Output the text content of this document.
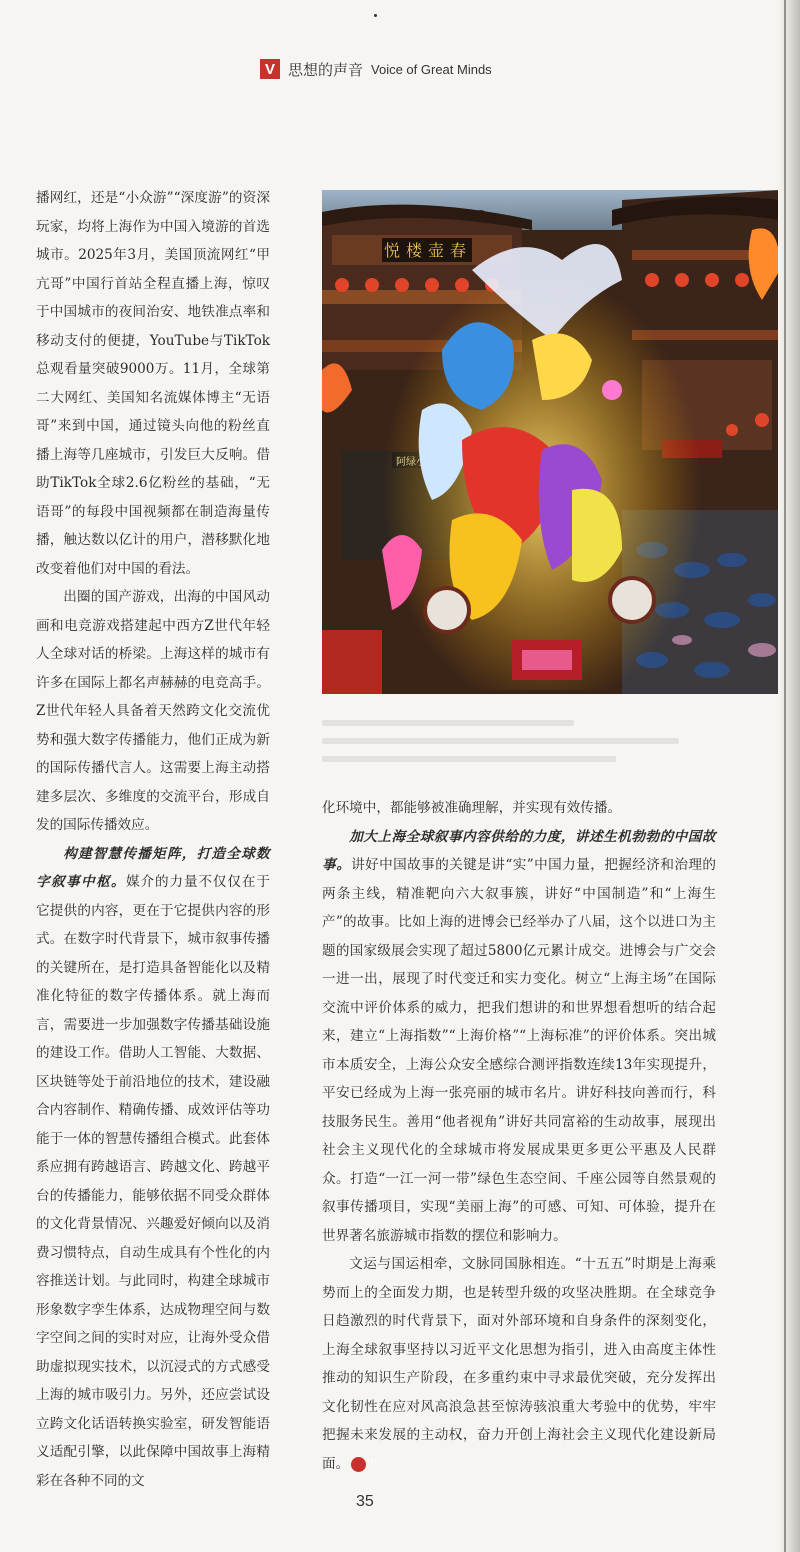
V 思想的声音 Voice of Great Minds

播网红，还是“小众游”“深度游”的资深玩家，均将上海作为中国入境游的首选城市。2025年3月，美国顶流网红“甲亢哥”中国行首站全程直播上海，惊叹于中国城市的夜间治安、地铁准点率和移动支付的便捷，YouTube与TikTok总观看量突破9000万。11月，全球第二大网红、美国知名流媒体博主“无语哥”来到中国，通过镜头向他的粉丝直播上海等几座城市，引发巨大反响。借助TikTok全球2.6亿粉丝的基础，“无语哥”的每段中国视频都在制造海量传播，触达数以亿计的用户，潜移默化地改变着他们对中国的看法。

出圈的国产游戏，出海的中国风动画和电竞游戏搭建起中西方Z世代年轻人全球对话的桥梁。上海这样的城市有许多在国际上都名声赫赫的电竞高手。Z世代年轻人具备着天然跨文化交流优势和强大数字传播能力，他们正成为新的国际传播代言人。这需要上海主动搭建多层次、多维度的交流平台，形成自发的国际传播效应。

构建智慧传播矩阵，打造全球数字叙事中枢。媒介的力量不仅仅在于它提供的内容，更在于它提供内容的形式。在数字时代背景下，城市叙事传播的关键所在，是打造具备智能化以及精准化特征的数字传播体系。就上海而言，需要进一步加强数字传播基础设施的建设工作。借助人工智能、大数据、区块链等处于前沿地位的技术，建设融合内容制作、精确传播、成效评估等功能于一体的智慧传播组合模式。此套体系应拥有跨越语言、跨越文化、跨越平台的传播能力，能够依据不同受众群体的文化背景情况、兴趣爱好倾向以及消费习惯特点，自动生成具有个性化的内容推送计划。与此同时，构建全球城市形象数字孪生体系，达成物理空间与数字空间之间的实时对应，让海外受众借助虚拟现实技术，以沉浸式的方式感受上海的城市吸引力。另外，还应尝试设立跨文化话语转换实验室，研发智能语义适配引擎，以此保障中国故事上海精彩在各种不同的文

化环境中，都能够被准确理解，并实现有效传播。

加大上海全球叙事内容供给的力度，讲述生机勃勃的中国故事。讲好中国故事的关键是讲“实”中国力量，把握经济和治理的两条主线，精准靶向六大叙事簇，讲好“中国制造”和“上海生产”的故事。比如上海的进博会已经举办了八届，这个以进口为主题的国家级展会实现了超过5800亿元累计成交。进博会与广交会一进一出，展现了时代变迁和实力变化。树立“上海主场”在国际交流中评价体系的威力，把我们想讲的和世界想看想听的结合起来，建立“上海指数”“上海价格”“上海标准”的评价体系。突出城市本质安全，上海公众安全感综合测评指数连续13年实现提升，平安已经成为上海一张亮丽的城市名片。讲好科技向善而行，科技服务民生。善用“他者视角”讲好共同富裕的生动故事，展现出社会主义现代化的全球城市将发展成果更多更公平惠及人民群众。打造“一江一河一带”绿色生态空间、千座公园等自然景观的叙事传播项目，实现“美丽上海”的可感、可知、可体验，提升在世界著名旅游城市指数的摆位和影响力。

文运与国运相牵，文脉同国脉相连。“十五五”时期是上海乘势而上的全面发力期，也是转型升级的攻坚决胜期。在全球竞争日趋激烈的时代背景下，面对外部环境和自身条件的深刻变化，上海全球叙事坚持以习近平文化思想为指引，进入由高度主体性推动的知识生产阶段，在多重约束中寻求最优突破，充分发挥出文化韧性在应对风高浪急甚至惊涛骇浪重大考验中的优势，牢牢把握未来发展的主动权，奋力开创上海社会主义现代化建设新局面。 中

35
